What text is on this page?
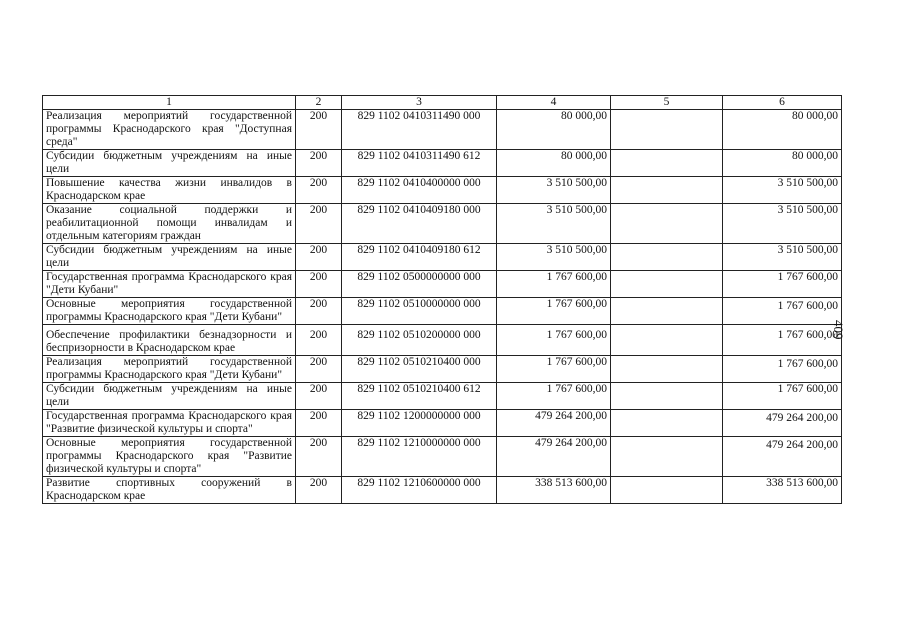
1	2	3	4	5	6
Реализация мероприятий государственной программы Краснодарского края "Доступная среда"	200	829 1102 0410311490 000	80 000,00		80 000,00
Субсидии бюджетным учреждениям на иные цели	200	829 1102 0410311490 612	80 000,00		80 000,00
Повышение качества жизни инвалидов в Краснодарском крае	200	829 1102 0410400000 000	3 510 500,00		3 510 500,00
Оказание социальной поддержки и реабилитационной помощи инвалидам и отдельным категориям граждан	200	829 1102 0410409180 000	3 510 500,00		3 510 500,00
Субсидии бюджетным учреждениям на иные цели	200	829 1102 0410409180 612	3 510 500,00		3 510 500,00
Государственная программа Краснодарского края "Дети Кубани"	200	829 1102 0500000000 000	1 767 600,00		1 767 600,00
Основные мероприятия государственной программы Краснодарского края "Дети Кубани"	200	829 1102 0510000000 000	1 767 600,00		1 767 600,00
Обеспечение профилактики безнадзорности и беспризорности в Краснодарском крае	200	829 1102 0510200000 000	1 767 600,00		1 767 600,00
Реализация мероприятий государственной программы Краснодарского края "Дети Кубани"	200	829 1102 0510210400 000	1 767 600,00		1 767 600,00
Субсидии бюджетным учреждениям на иные цели	200	829 1102 0510210400 612	1 767 600,00		1 767 600,00
Государственная программа Краснодарского края "Развитие физической культуры и спорта"	200	829 1102 1200000000 000	479 264 200,00		479 264 200,00
Основные мероприятия государственной программы Краснодарского края "Развитие физической культуры и спорта"	200	829 1102 1210000000 000	479 264 200,00		479 264 200,00
Развитие спортивных сооружений в Краснодарском крае	200	829 1102 1210600000 000	338 513 600,00		338 513 600,00
409
